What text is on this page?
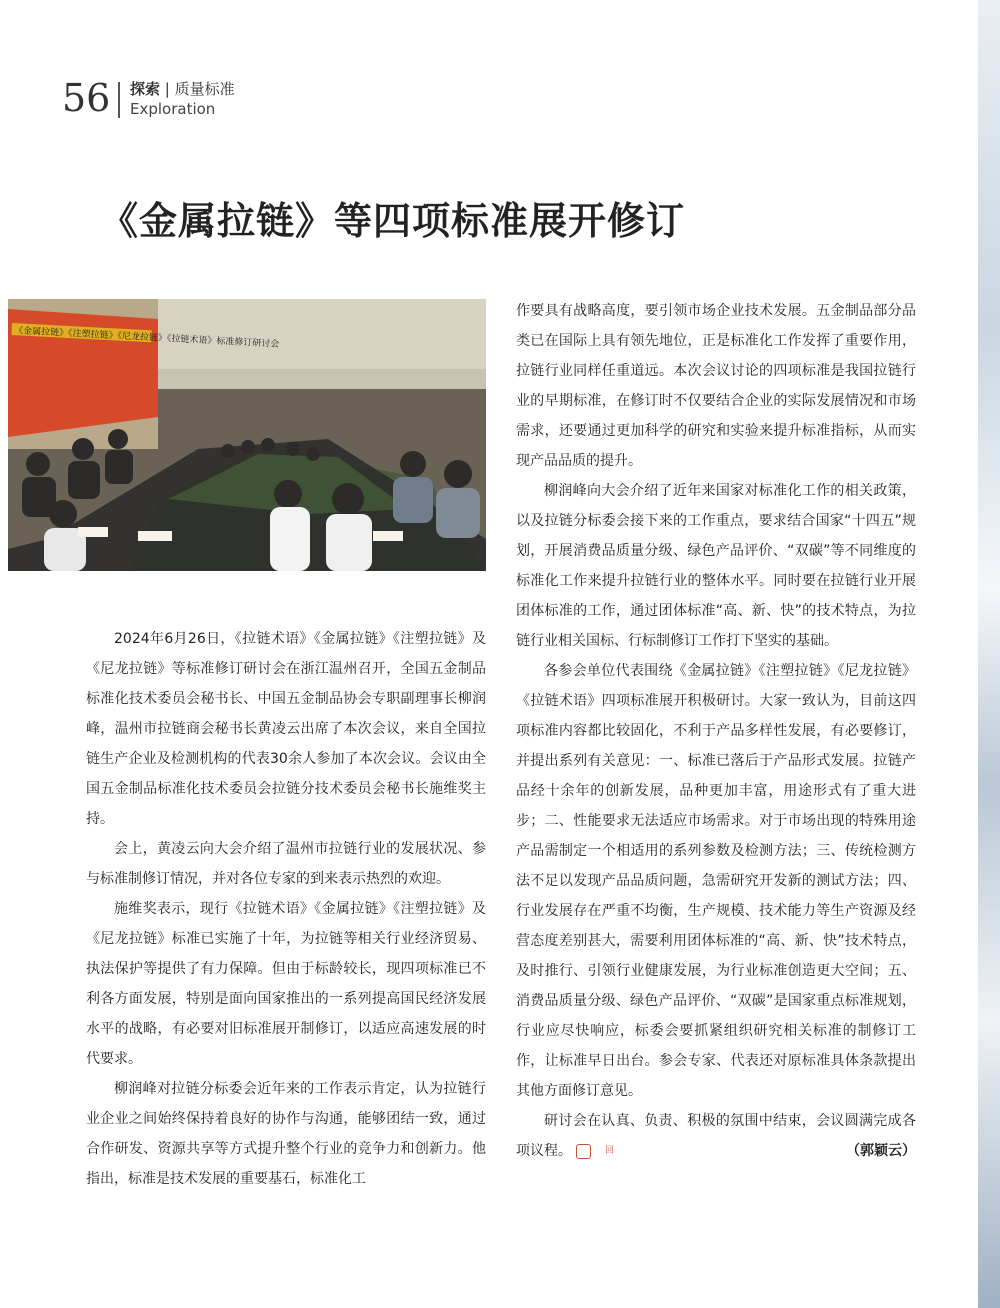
56 探索 | 质量标准
Exploration
《金属拉链》等四项标准展开修订
《金属拉链》《注塑拉链》《尼龙拉链》《拉链术语》标准修订研讨会

2024年6月26日，《拉链术语》《金属拉链》《注塑拉链》及《尼龙拉链》等标准修订研讨会在浙江温州召开，全国五金制品标准化技术委员会秘书长、中国五金制品协会专职副理事长柳润峰，温州市拉链商会秘书长黄凌云出席了本次会议，来自全国拉链生产企业及检测机构的代表30余人参加了本次会议。会议由全国五金制品标准化技术委员会拉链分技术委员会秘书长施维奖主持。

会上，黄凌云向大会介绍了温州市拉链行业的发展状况、参与标准制修订情况，并对各位专家的到来表示热烈的欢迎。

施维奖表示，现行《拉链术语》《金属拉链》《注塑拉链》及《尼龙拉链》标准已实施了十年，为拉链等相关行业经济贸易、执法保护等提供了有力保障。但由于标龄较长，现四项标准已不利各方面发展，特别是面向国家推出的一系列提高国民经济发展水平的战略，有必要对旧标准展开制修订，以适应高速发展的时代要求。

柳润峰对拉链分标委会近年来的工作表示肯定，认为拉链行业企业之间始终保持着良好的协作与沟通，能够团结一致，通过合作研发、资源共享等方式提升整个行业的竞争力和创新力。他指出，标准是技术发展的重要基石，标准化工

作要具有战略高度，要引领市场企业技术发展。五金制品部分品类已在国际上具有领先地位，正是标准化工作发挥了重要作用，拉链行业同样任重道远。本次会议讨论的四项标准是我国拉链行业的早期标准，在修订时不仅要结合企业的实际发展情况和市场需求，还要通过更加科学的研究和实验来提升标准指标，从而实现产品品质的提升。

柳润峰向大会介绍了近年来国家对标准化工作的相关政策，以及拉链分标委会接下来的工作重点，要求结合国家“十四五”规划，开展消费品质量分级、绿色产品评价、“双碳”等不同维度的标准化工作来提升拉链行业的整体水平。同时要在拉链行业开展团体标准的工作，通过团体标准“高、新、快”的技术特点，为拉链行业相关国标、行标制修订工作打下坚实的基础。

各参会单位代表围绕《金属拉链》《注塑拉链》《尼龙拉链》《拉链术语》四项标准展开积极研讨。大家一致认为，目前这四项标准内容都比较固化，不利于产品多样性发展，有必要修订，并提出系列有关意见：一、标准已落后于产品形式发展。拉链产品经十余年的创新发展，品种更加丰富，用途形式有了重大进步；二、性能要求无法适应市场需求。对于市场出现的特殊用途产品需制定一个相适用的系列参数及检测方法；三、传统检测方法不足以发现产品品质问题，急需研究开发新的测试方法；四、行业发展存在严重不均衡，生产规模、技术能力等生产资源及经营态度差别甚大，需要利用团体标准的“高、新、快”技术特点，及时推行、引领行业健康发展，为行业标准创造更大空间；五、消费品质量分级、绿色产品评价、“双碳”是国家重点标准规划，行业应尽快响应，标委会要抓紧组织研究相关标准的制修订工作，让标准早日出台。参会专家、代表还对原标准具体条款提出其他方面修订意见。

研讨会在认真、负责、积极的氛围中结束，会议圆满完成各项议程。	回	（郭颖云）
